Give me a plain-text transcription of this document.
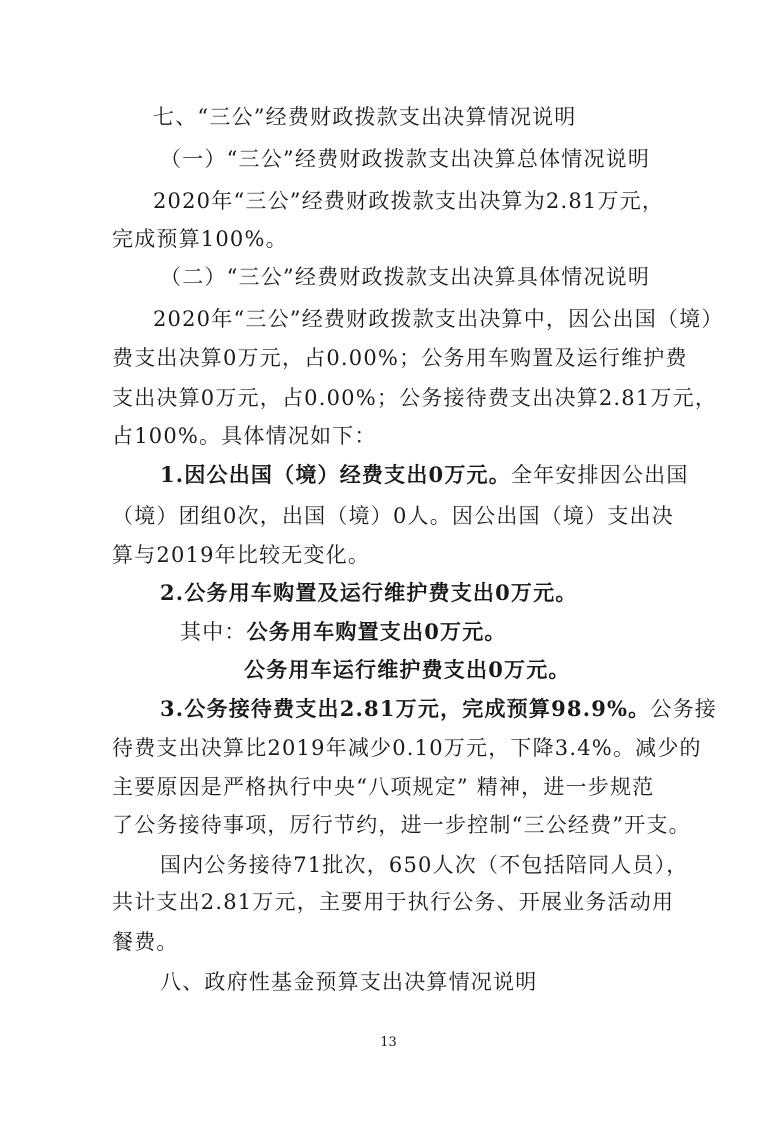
七、“三公”经费财政拨款支出决算情况说明
（一）“三公”经费财政拨款支出决算总体情况说明
2020年“三公”经费财政拨款支出决算为2.81万元，
完成预算100%。
（二）“三公”经费财政拨款支出决算具体情况说明
2020年“三公”经费财政拨款支出决算中，因公出国（境）
费支出决算0万元，占0.00%；公务用车购置及运行维护费
支出决算0万元，占0.00%；公务接待费支出决算2.81万元，
占100%。具体情况如下：
1.因公出国（境）经费支出0万元。全年安排因公出国
（境）团组0次，出国（境）0人。因公出国（境）支出决
算与2019年比较无变化。
2.公务用车购置及运行维护费支出0万元。
其中：公务用车购置支出0万元。
公务用车运行维护费支出0万元。
3.公务接待费支出2.81万元，完成预算98.9%。公务接
待费支出决算比2019年减少0.10万元，下降3.4%。减少的
主要原因是严格执行中央“八项规定” 精神，进一步规范
了公务接待事项，厉行节约，进一步控制“三公经费”开支。
国内公务接待71批次，650人次（不包括陪同人员），
共计支出2.81万元，主要用于执行公务、开展业务活动用
餐费。
八、政府性基金预算支出决算情况说明
13
